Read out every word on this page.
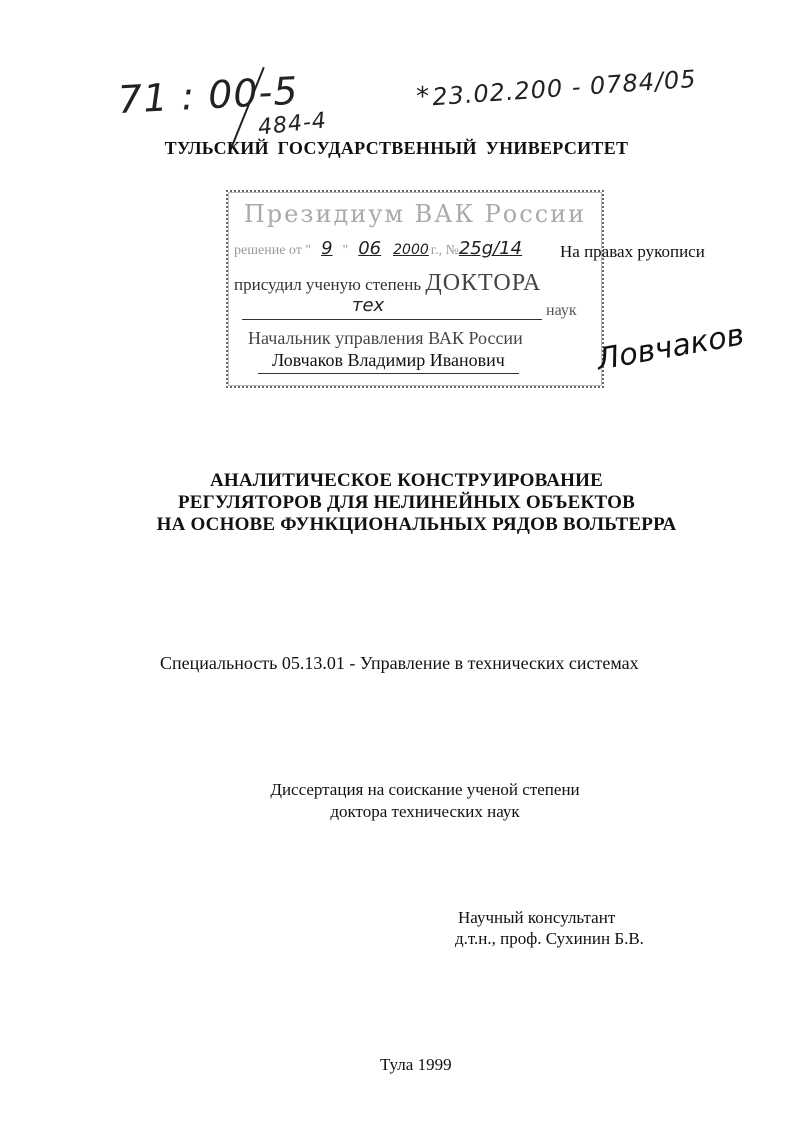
71 : 00-5
484-4
* 23.02.200 - 0784/05
ТУЛЬСКИЙ ГОСУДАРСТВЕННЫЙ УНИВЕРСИТЕТ
Президиум ВАК России
решение от " 9 " 06 2000 г., №25g/14
присудил ученую степень ДОКТОРА
тех	наук
Начальник управления ВАК России
Ловчаков Владимир Иванович
На правах рукописи
Ловчаков
АНАЛИТИЧЕСКОЕ КОНСТРУИРОВАНИЕ
РЕГУЛЯТОРОВ ДЛЯ НЕЛИНЕЙНЫХ ОБЪЕКТОВ
НА ОСНОВЕ ФУНКЦИОНАЛЬНЫХ РЯДОВ ВОЛЬТЕРРА
Специальность 05.13.01 - Управление в технических системах
Диссертация на соискание ученой степени
доктора технических наук
Научный консультант
д.т.н., проф. Сухинин Б.В.
Тула 1999
